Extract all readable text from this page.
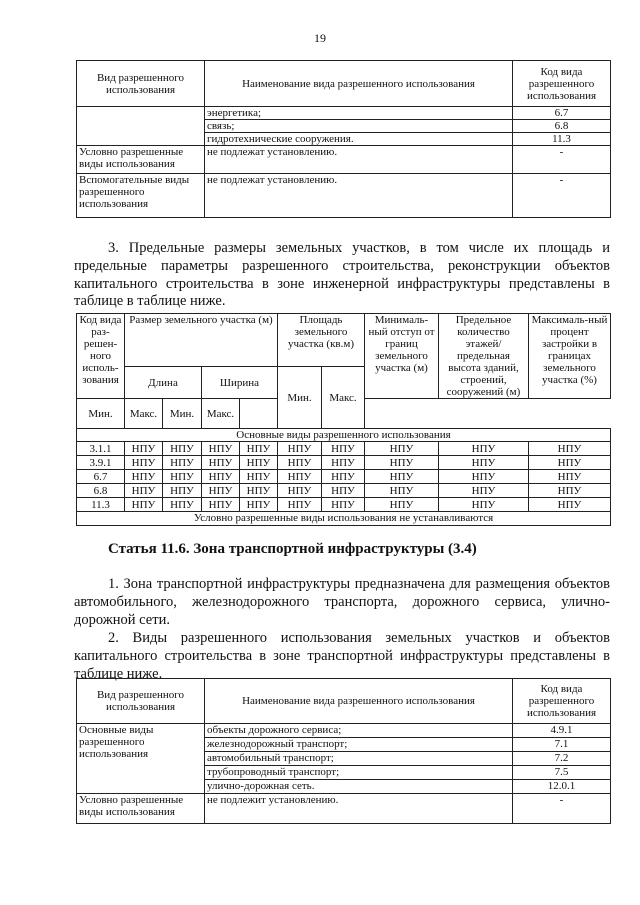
19
Вид разрешенного использования	Наименование вида разрешенного использования	Код вида разрешенного использования
	энергетика;	6.7
	связь;	6.8
	гидротехнические сооружения.	11.3
Условно разрешенные виды использования	не подлежат установлению.	-
Вспомогательные виды разрешенного использования	не подлежат установлению.	-

3. Предельные размеры земельных участков, в том числе их площадь и предельные параметры разрешенного строительства, реконструкции объектов капитального строительства в зоне инженерной инфраструктуры представлены в таблице в таблице ниже.

Код вида раз-решен-ного исполь-зования	Размер земельного участка (м)				Площадь земельного участка (кв.м)		Минималь-ный отступ от границ земельного участка (м)	Предельное количество этажей/ предельная высота зданий, строений, сооружений (м)	Максималь-ный процент застройки в границах земельного участка (%)

	Длина		Ширина		Мин.	Макс.			
Мин.	Макс.	Мин.	Макс.						
Основные виды разрешенного использования									
3.1.1	НПУ	НПУ	НПУ	НПУ	НПУ	НПУ	НПУ	НПУ	НПУ
3.9.1	НПУ	НПУ	НПУ	НПУ	НПУ	НПУ	НПУ	НПУ	НПУ
6.7	НПУ	НПУ	НПУ	НПУ	НПУ	НПУ	НПУ	НПУ	НПУ
6.8	НПУ	НПУ	НПУ	НПУ	НПУ	НПУ	НПУ	НПУ	НПУ
11.3	НПУ	НПУ	НПУ	НПУ	НПУ	НПУ	НПУ	НПУ	НПУ
Условно разрешенные виды использования не устанавливаются									

Статья 11.6. Зона транспортной инфраструктуры (3.4)

1. Зона транспортной инфраструктуры предназначена для размещения объектов автомобильного, железнодорожного транспорта, дорожного сервиса, улично-дорожной сети.

2. Виды разрешенного использования земельных участков и объектов капитального строительства в зоне транспортной инфраструктуры представлены в таблице ниже.

Вид разрешенного использования	Наименование вида разрешенного использования	Код вида разрешенного использования
Основные виды разрешенного использования	объекты дорожного сервиса;	4.9.1
	железнодорожный транспорт;	7.1
	автомобильный транспорт;	7.2
	трубопроводный транспорт;	7.5
	улично-дорожная сеть.	12.0.1
Условно разрешенные виды использования	не подлежит установлению.	-
